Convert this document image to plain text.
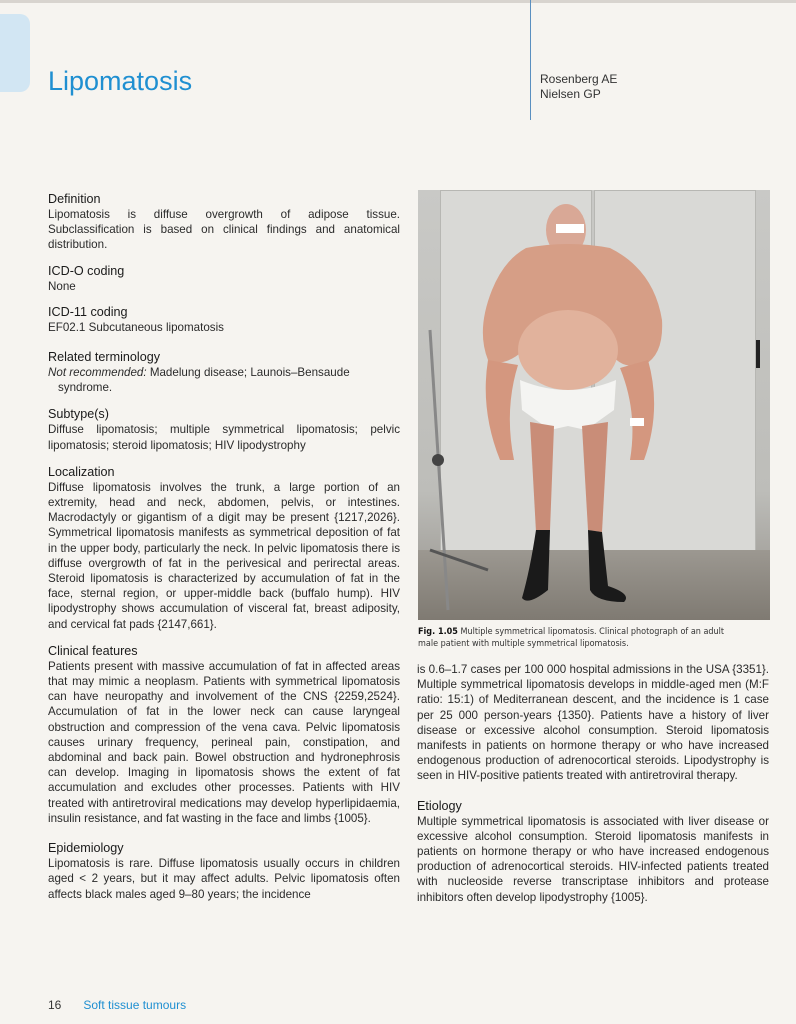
Lipomatosis	Rosenberg AE
Nielsen GP
Definition

Lipomatosis is diffuse overgrowth of adipose tissue. Subclassification is based on clinical findings and anatomical distribution.

ICD-O coding

None

ICD-11 coding

EF02.1 Subcutaneous lipomatosis

Related terminology

Not recommended: Madelung disease; Launois–Bensaude syndrome.

Subtype(s)

Diffuse lipomatosis; multiple symmetrical lipomatosis; pelvic lipomatosis; steroid lipomatosis; HIV lipodystrophy

Localization

Diffuse lipomatosis involves the trunk, a large portion of an extremity, head and neck, abdomen, pelvis, or intestines. Macrodactyly or gigantism of a digit may be present {1217,2026}. Symmetrical lipomatosis manifests as symmetrical deposition of fat in the upper body, particularly the neck. In pelvic lipomatosis there is diffuse overgrowth of fat in the perivesical and perirectal areas. Steroid lipomatosis is characterized by accumulation of fat in the face, sternal region, or upper-middle back (buffalo hump). HIV lipodystrophy shows accumulation of visceral fat, breast adiposity, and cervical fat pads {2147,661}.

Clinical features

Patients present with massive accumulation of fat in affected areas that may mimic a neoplasm. Patients with symmetrical lipomatosis can have neuropathy and involvement of the CNS {2259,2524}. Accumulation of fat in the lower neck can cause laryngeal obstruction and compression of the vena cava. Pelvic lipomatosis causes urinary frequency, perineal pain, constipation, and abdominal and back pain. Bowel obstruction and hydronephrosis can develop. Imaging in lipomatosis shows the extent of fat accumulation and excludes other processes. Patients with HIV treated with antiretroviral medications may develop hyperlipidaemia, insulin resistance, and fat wasting in the face and limbs {1005}.

Epidemiology

Lipomatosis is rare. Diffuse lipomatosis usually occurs in children aged < 2 years, but it may affect adults. Pelvic lipomatosis often affects black males aged 9–80 years; the incidence

Fig. 1.05 Multiple symmetrical lipomatosis. Clinical photograph of an adult male patient with multiple symmetrical lipomatosis.

is 0.6–1.7 cases per 100 000 hospital admissions in the USA {3351}. Multiple symmetrical lipomatosis develops in middle-aged men (M:F ratio: 15:1) of Mediterranean descent, and the incidence is 1 case per 25 000 person-years {1350}. Patients have a history of liver disease or excessive alcohol consumption. Steroid lipomatosis manifests in patients on hormone therapy or who have increased endogenous production of adrenocortical steroids. Lipodystrophy is seen in HIV-positive patients treated with antiretroviral therapy.

Etiology

Multiple symmetrical lipomatosis is associated with liver disease or excessive alcohol consumption. Steroid lipomatosis manifests in patients on hormone therapy or who have increased endogenous production of adrenocortical steroids. HIV-infected patients treated with nucleoside reverse transcriptase inhibitors and protease inhibitors often develop lipodystrophy {1005}.

16 Soft tissue tumours
